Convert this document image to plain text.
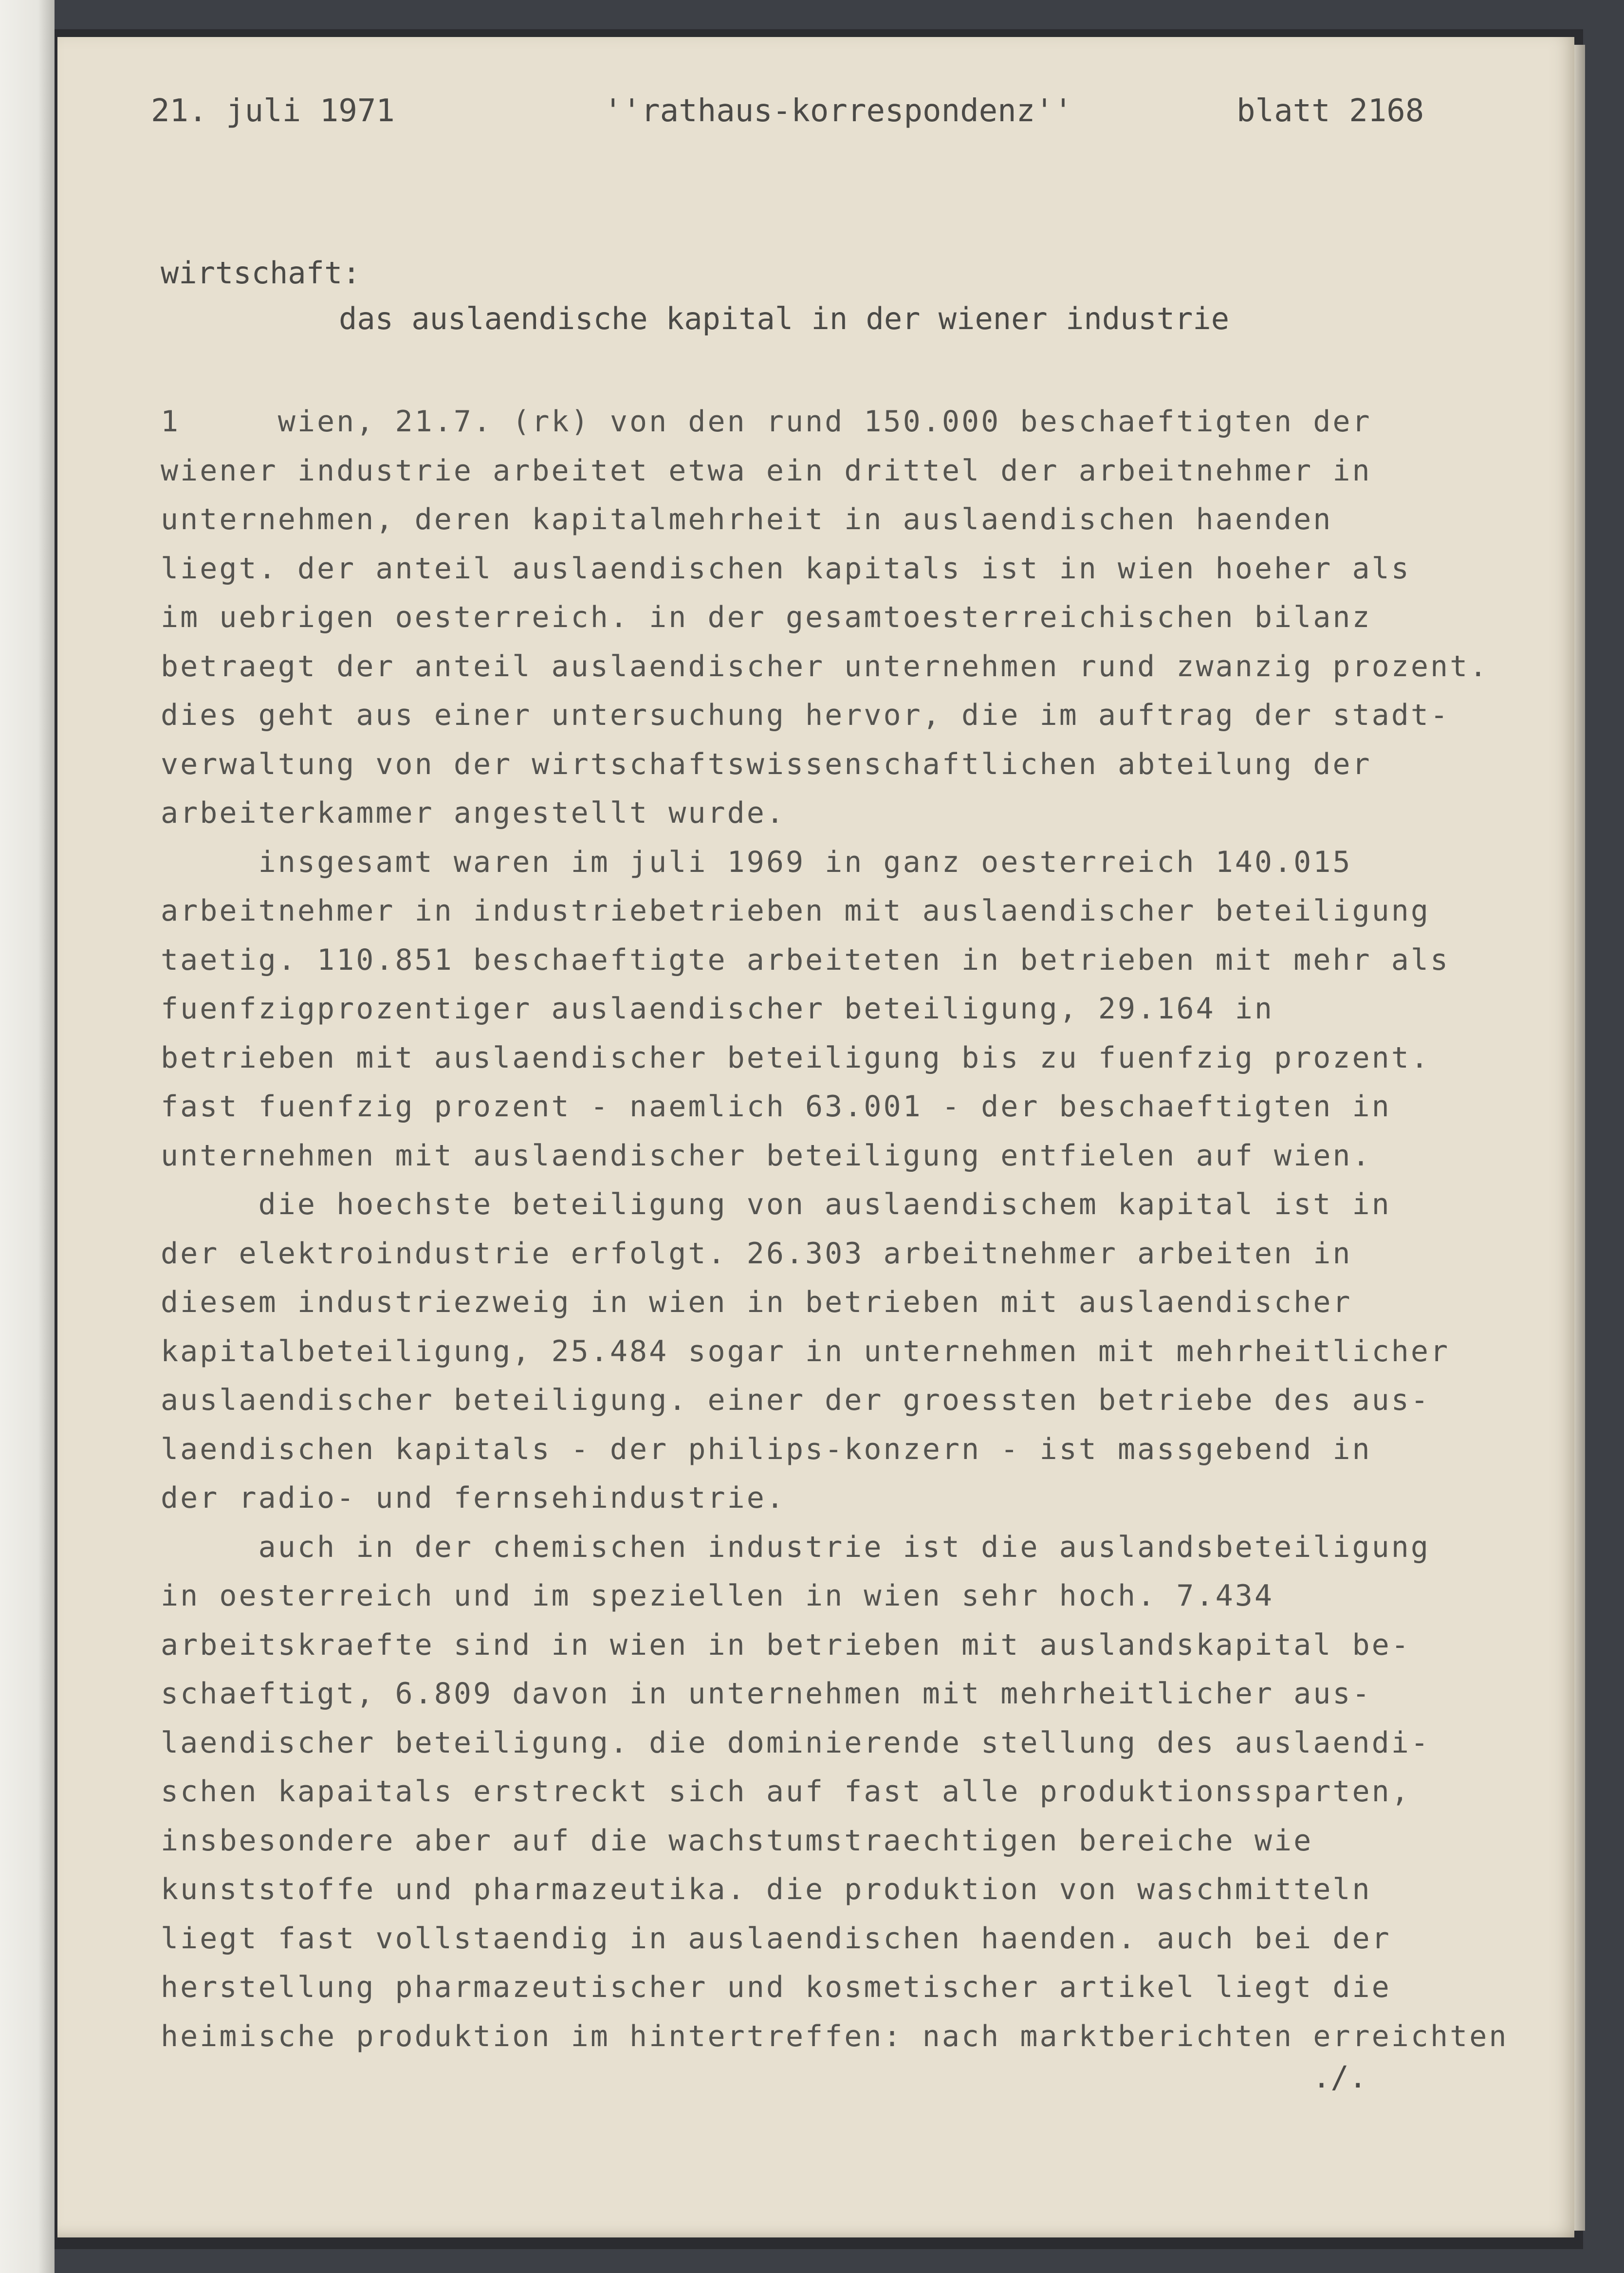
21. juli 1971	''rathaus-korrespondenz''	blatt 2168
wirtschaft:
das auslaendische kapital in der wiener industrie
1     wien, 21.7. (rk) von den rund 150.000 beschaeftigten der
wiener industrie arbeitet etwa ein drittel der arbeitnehmer in
unternehmen, deren kapitalmehrheit in auslaendischen haenden
liegt. der anteil auslaendischen kapitals ist in wien hoeher als
im uebrigen oesterreich. in der gesamtoesterreichischen bilanz
betraegt der anteil auslaendischer unternehmen rund zwanzig prozent.
dies geht aus einer untersuchung hervor, die im auftrag der stadt-
verwaltung von der wirtschaftswissenschaftlichen abteilung der
arbeiterkammer angestellt wurde.
insgesamt waren im juli 1969 in ganz oesterreich 140.015
arbeitnehmer in industriebetrieben mit auslaendischer beteiligung
taetig. 110.851 beschaeftigte arbeiteten in betrieben mit mehr als
fuenfzigprozentiger auslaendischer beteiligung, 29.164 in
betrieben mit auslaendischer beteiligung bis zu fuenfzig prozent.
fast fuenfzig prozent - naemlich 63.001 - der beschaeftigten in
unternehmen mit auslaendischer beteiligung entfielen auf wien.
die hoechste beteiligung von auslaendischem kapital ist in
der elektroindustrie erfolgt. 26.303 arbeitnehmer arbeiten in
diesem industriezweig in wien in betrieben mit auslaendischer
kapitalbeteiligung, 25.484 sogar in unternehmen mit mehrheitlicher
auslaendischer beteiligung. einer der groessten betriebe des aus-
laendischen kapitals - der philips-konzern - ist massgebend in
der radio- und fernsehindustrie.
auch in der chemischen industrie ist die auslandsbeteiligung
in oesterreich und im speziellen in wien sehr hoch. 7.434
arbeitskraefte sind in wien in betrieben mit auslandskapital be-
schaeftigt, 6.809 davon in unternehmen mit mehrheitlicher aus-
laendischer beteiligung. die dominierende stellung des auslaendi-
schen kapaitals erstreckt sich auf fast alle produktionssparten,
insbesondere aber auf die wachstumstraechtigen bereiche wie
kunststoffe und pharmazeutika. die produktion von waschmitteln
liegt fast vollstaendig in auslaendischen haenden. auch bei der
herstellung pharmazeutischer und kosmetischer artikel liegt die
heimische produktion im hintertreffen: nach marktberichten erreichten
./.
